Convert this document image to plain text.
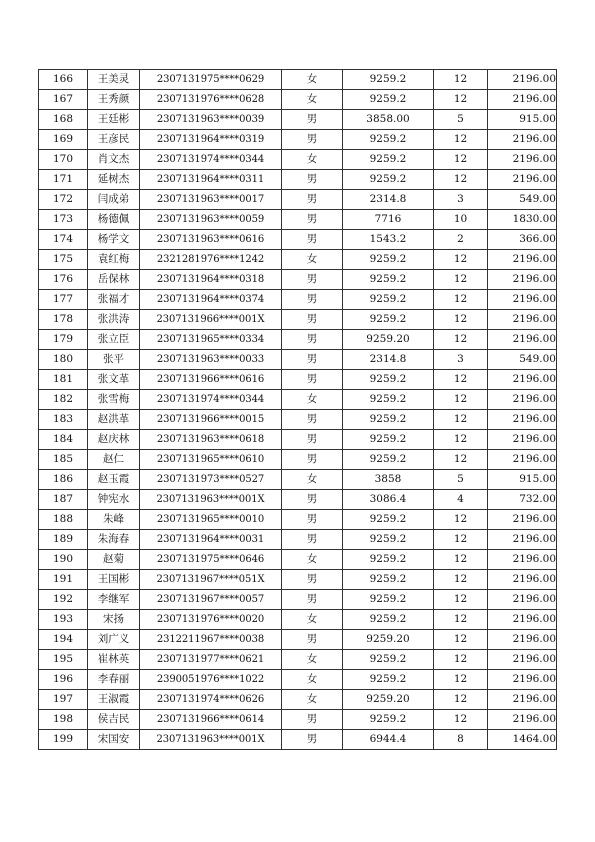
166	王美灵	2307131975****0629	女	9259.2	12	2196.00
167	王秀颜	2307131976****0628	女	9259.2	12	2196.00
168	王廷彬	2307131963****0039	男	3858.00	5	915.00
169	王彦民	2307131964****0319	男	9259.2	12	2196.00
170	肖文杰	2307131974****0344	女	9259.2	12	2196.00
171	延树杰	2307131964****0311	男	9259.2	12	2196.00
172	闫成弟	2307131963****0017	男	2314.8	3	549.00
173	杨德佩	2307131963****0059	男	7716	10	1830.00
174	杨学文	2307131963****0616	男	1543.2	2	366.00
175	袁红梅	2321281976****1242	女	9259.2	12	2196.00
176	岳保林	2307131964****0318	男	9259.2	12	2196.00
177	张福才	2307131964****0374	男	9259.2	12	2196.00
178	张洪涛	2307131966****001X	男	9259.2	12	2196.00
179	张立臣	2307131965****0334	男	9259.20	12	2196.00
180	张平	2307131963****0033	男	2314.8	3	549.00
181	张文革	2307131966****0616	男	9259.2	12	2196.00
182	张雪梅	2307131974****0344	女	9259.2	12	2196.00
183	赵洪革	2307131966****0015	男	9259.2	12	2196.00
184	赵庆林	2307131963****0618	男	9259.2	12	2196.00
185	赵仁	2307131965****0610	男	9259.2	12	2196.00
186	赵玉霞	2307131973****0527	女	3858	5	915.00
187	钟宪水	2307131963****001X	男	3086.4	4	732.00
188	朱峰	2307131965****0010	男	9259.2	12	2196.00
189	朱海春	2307131964****0031	男	9259.2	12	2196.00
190	赵菊	2307131975****0646	女	9259.2	12	2196.00
191	王国彬	2307131967****051X	男	9259.2	12	2196.00
192	李继军	2307131967****0057	男	9259.2	12	2196.00
193	宋扬	2307131976****0020	女	9259.2	12	2196.00
194	刘广义	2312211967****0038	男	9259.20	12	2196.00
195	崔林英	2307131977****0621	女	9259.2	12	2196.00
196	李春丽	2390051976****1022	女	9259.2	12	2196.00
197	王淑霞	2307131974****0626	女	9259.20	12	2196.00
198	侯吉民	2307131966****0614	男	9259.2	12	2196.00
199	宋国安	2307131963****001X	男	6944.4	8	1464.00
